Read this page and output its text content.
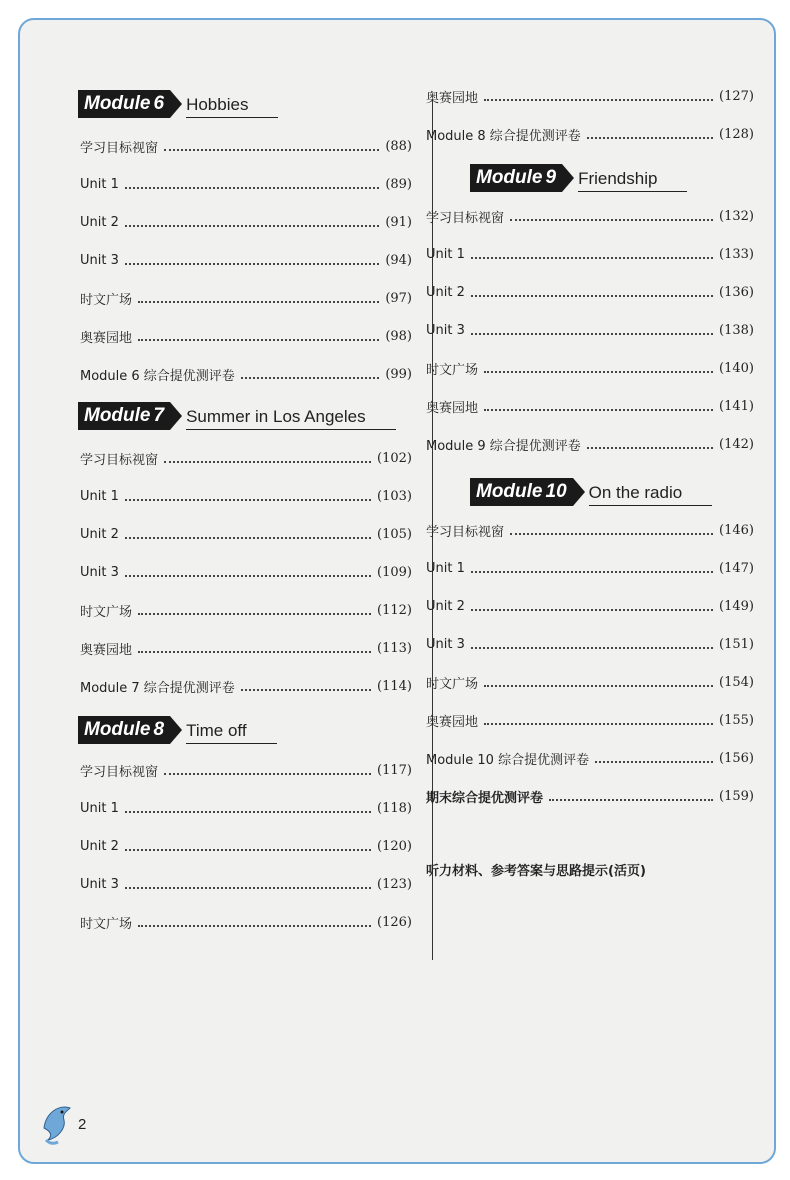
听力材料、参考答案与思路提示(活页)
2
Module 6 Hobbies
学习目标视窗	(88)
Unit 1	(89)
Unit 2	(91)
Unit 3	(94)
时文广场	(97)
奥赛园地	(98)
Module 6 综合提优测评卷	(99)
Module 7 Summer in Los Angeles
学习目标视窗	(102)
Unit 1	(103)
Unit 2	(105)
Unit 3	(109)
时文广场	(112)
奥赛园地	(113)
Module 7 综合提优测评卷	(114)
Module 8 Time off
学习目标视窗	(117)
Unit 1	(118)
Unit 2	(120)
Unit 3	(123)
时文广场	(126)
奥赛园地	(127)
Module 8 综合提优测评卷	(128)
Module 9 Friendship
学习目标视窗	(132)
Unit 1	(133)
Unit 2	(136)
Unit 3	(138)
时文广场	(140)
奥赛园地	(141)
Module 9 综合提优测评卷	(142)
Module 10 On the radio
学习目标视窗	(146)
Unit 1	(147)
Unit 2	(149)
Unit 3	(151)
时文广场	(154)
奥赛园地	(155)
Module 10 综合提优测评卷	(156)
期末综合提优测评卷	(159)
